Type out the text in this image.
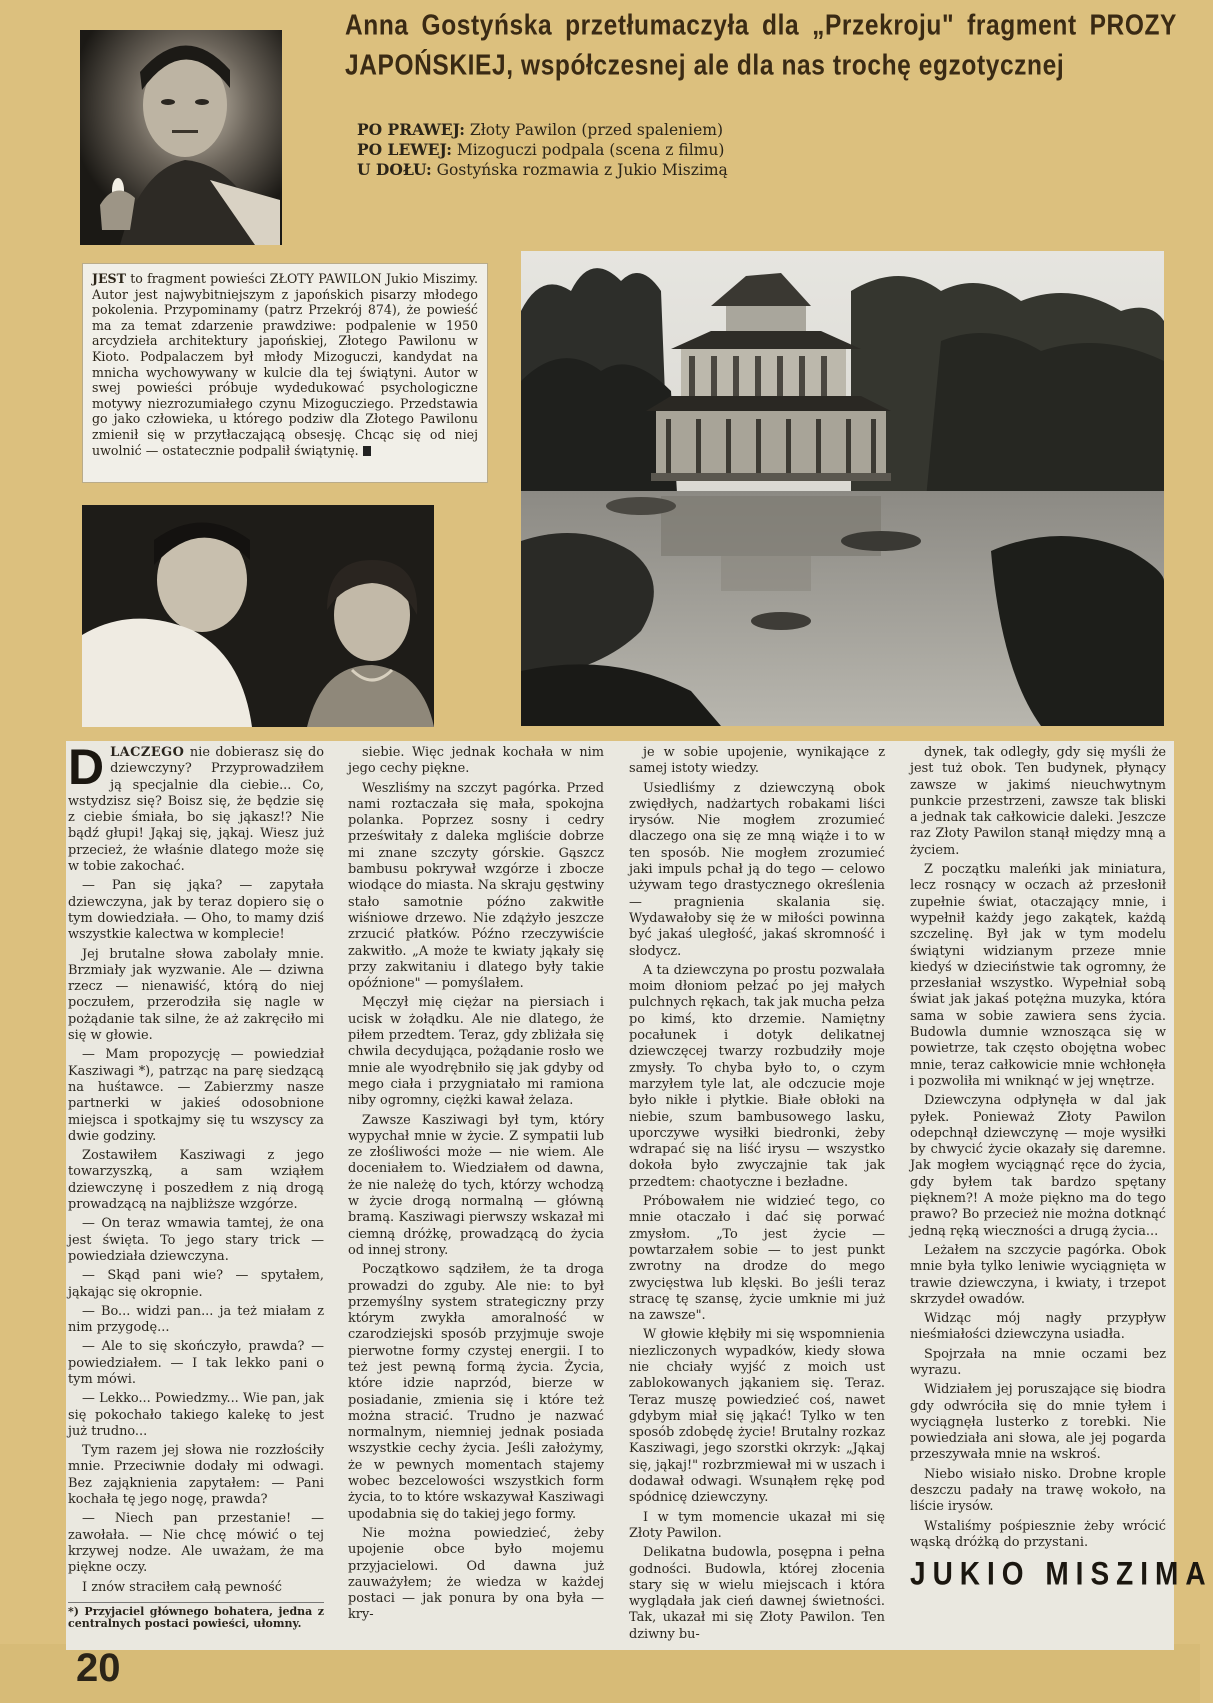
Anna Gostyńska przetłumaczyła dla „Przekroju" fragment PROZY JAPOŃSKIEJ, współczesnej ale dla nas trochę egzotycznej

PO PRAWEJ: Złoty Pawilon (przed spaleniem)

PO LEWEJ: Mizoguczi podpala (scena z filmu)

U DOŁU: Gostyńska rozmawia z Jukio Miszimą

JEST to fragment powieści ZŁOTY PAWILON Jukio Miszimy. Autor jest najwybitniejszym z japońskich pisarzy młodego pokolenia. Przypominamy (patrz Przekrój 874), że powieść ma za temat zdarzenie prawdziwe: podpalenie w 1950 arcydzieła architektury japońskiej, Złotego Pawilonu w Kioto. Podpalaczem był młody Mizoguczi, kandydat na mnicha wychowywany w kulcie dla tej świątyni. Autor w swej powieści próbuje wydedukować psychologiczne motywy niezrozumiałego czynu Mizogucziego. Przedstawia go jako człowieka, u którego podziw dla Złotego Pawilonu zmienił się w przytłaczającą obsesję. Chcąc się od niej uwolnić — ostatecznie podpalił świątynię.

DLACZEGO nie dobierasz się do dziewczyny? Przyprowadziłem ją specjalnie dla ciebie... Co, wstydzisz się? Boisz się, że będzie się z ciebie śmiała, bo się jąkasz!? Nie bądź głupi! Jąkaj się, jąkaj. Wiesz już przecież, że właśnie dlatego może się w tobie zakochać.

— Pan się jąka? — zapytała dziewczyna, jak by teraz dopiero się o tym dowiedziała. — Oho, to mamy dziś wszystkie kalectwa w komplecie!

Jej brutalne słowa zabolały mnie. Brzmiały jak wyzwanie. Ale — dziwna rzecz — nienawiść, którą do niej poczułem, przerodziła się nagle w pożądanie tak silne, że aż zakręciło mi się w głowie.

— Mam propozycję — powiedział Kasziwagi *), patrząc na parę siedzącą na huśtawce. — Zabierzmy nasze partnerki w jakieś odosobnione miejsca i spotkajmy się tu wszyscy za dwie godziny.

Zostawiłem Kasziwagi z jego towarzyszką, a sam wziąłem dziewczynę i poszedłem z nią drogą prowadzącą na najbliższe wzgórze.

— On teraz wmawia tamtej, że ona jest święta. To jego stary trick — powiedziała dziewczyna.

— Skąd pani wie? — spytałem, jąkając się okropnie.

— Bo... widzi pan... ja też miałam z nim przygodę...

— Ale to się skończyło, prawda? — powiedziałem. — I tak lekko pani o tym mówi.

— Lekko... Powiedzmy... Wie pan, jak się pokochało takiego kalekę to jest już trudno...

Tym razem jej słowa nie rozzłościły mnie. Przeciwnie dodały mi odwagi. Bez zająknienia zapytałem: — Pani kochała tę jego nogę, prawda?

— Niech pan przestanie! — zawołała. — Nie chcę mówić o tej krzywej nodze. Ale uważam, że ma piękne oczy.

I znów straciłem całą pewność

*) Przyjaciel głównego bohatera, jedna z centralnych postaci powieści, ułomny.

siebie. Więc jednak kochała w nim jego cechy piękne.

Weszliśmy na szczyt pagórka. Przed nami roztaczała się mała, spokojna polanka. Poprzez sosny i cedry prześwitały z daleka mgliście dobrze mi znane szczyty górskie. Gąszcz bambusu pokrywał wzgórze i zbocze wiodące do miasta. Na skraju gęstwiny stało samotnie późno zakwitłe wiśniowe drzewo. Nie zdążyło jeszcze zrzucić płatków. Późno rzeczywiście zakwitło. „A może te kwiaty jąkały się przy zakwitaniu i dlatego były takie opóźnione" — pomyślałem.

Męczył mię ciężar na piersiach i ucisk w żołądku. Ale nie dlatego, że piłem przedtem. Teraz, gdy zbliżała się chwila decydująca, pożądanie rosło we mnie ale wyodrębniło się jak gdyby od mego ciała i przygniatało mi ramiona niby ogromny, ciężki kawał żelaza.

Zawsze Kasziwagi był tym, który wypychał mnie w życie. Z sympatii lub ze złośliwości może — nie wiem. Ale doceniałem to. Wiedziałem od dawna, że nie należę do tych, którzy wchodzą w życie drogą normalną — główną bramą. Kasziwagi pierwszy wskazał mi ciemną dróżkę, prowadzącą do życia od innej strony.

Początkowo sądziłem, że ta droga prowadzi do zguby. Ale nie: to był przemyślny system strategiczny przy którym zwykła amoralność w czarodziejski sposób przyjmuje swoje pierwotne formy czystej energii. I to też jest pewną formą życia. Życia, które idzie naprzód, bierze w posiadanie, zmienia się i które też można stracić. Trudno je nazwać normalnym, niemniej jednak posiada wszystkie cechy życia. Jeśli założymy, że w pewnych momentach stajemy wobec bezcelowości wszystkich form życia, to to które wskazywał Kasziwagi upodabnia się do takiej jego formy.

Nie można powiedzieć, żeby upojenie obce było mojemu przyjacielowi. Od dawna już zauważyłem; że wiedza w każdej postaci — jak ponura by ona była — kry-

je w sobie upojenie, wynikające z samej istoty wiedzy.

Usiedliśmy z dziewczyną obok zwiędłych, nadżartych robakami liści irysów. Nie mogłem zrozumieć dlaczego ona się ze mną wiąże i to w ten sposób. Nie mogłem zrozumieć jaki impuls pchał ją do tego — celowo używam tego drastycznego określenia — pragnienia skalania się. Wydawałoby się że w miłości powinna być jakaś uległość, jakaś skromność i słodycz.

A ta dziewczyna po prostu pozwalała moim dłoniom pełzać po jej małych pulchnych rękach, tak jak mucha pełza po kimś, kto drzemie. Namiętny pocałunek i dotyk delikatnej dziewczęcej twarzy rozbudziły moje zmysły. To chyba było to, o czym marzyłem tyle lat, ale odczucie moje było nikłe i płytkie. Białe obłoki na niebie, szum bambusowego lasku, uporczywe wysiłki biedronki, żeby wdrapać się na liść irysu — wszystko dokoła było zwyczajnie tak jak przedtem: chaotyczne i bezładne.

Próbowałem nie widzieć tego, co mnie otaczało i dać się porwać zmysłom. „To jest życie — powtarzałem sobie — to jest punkt zwrotny na drodze do mego zwycięstwa lub klęski. Bo jeśli teraz stracę tę szansę, życie umknie mi już na zawsze".

W głowie kłębiły mi się wspomnienia niezliczonych wypadków, kiedy słowa nie chciały wyjść z moich ust zablokowanych jąkaniem się. Teraz. Teraz muszę powiedzieć coś, nawet gdybym miał się jąkać! Tylko w ten sposób zdobędę życie! Brutalny rozkaz Kasziwagi, jego szorstki okrzyk: „Jąkaj się, jąkaj!" rozbrzmiewał mi w uszach i dodawał odwagi. Wsunąłem rękę pod spódnicę dziewczyny.

I w tym momencie ukazał mi się Złoty Pawilon.

Delikatna budowla, posępna i pełna godności. Budowla, której złocenia stary się w wielu miejscach i która wyglądała jak cień dawnej świetności. Tak, ukazał mi się Złoty Pawilon. Ten dziwny bu-

dynek, tak odległy, gdy się myśli że jest tuż obok. Ten budynek, płynący zawsze w jakimś nieuchwytnym punkcie przestrzeni, zawsze tak bliski a jednak tak całkowicie daleki. Jeszcze raz Złoty Pawilon stanął między mną a życiem.

Z początku maleńki jak miniatura, lecz rosnący w oczach aż przesłonił zupełnie świat, otaczający mnie, i wypełnił każdy jego zakątek, każdą szczelinę. Był jak w tym modelu świątyni widzianym przeze mnie kiedyś w dzieciństwie tak ogromny, że przesłaniał wszystko. Wypełniał sobą świat jak jakaś potężna muzyka, która sama w sobie zawiera sens życia. Budowla dumnie wznosząca się w powietrze, tak często obojętna wobec mnie, teraz całkowicie mnie wchłonęła i pozwoliła mi wniknąć w jej wnętrze.

Dziewczyna odpłynęła w dal jak pyłek. Ponieważ Złoty Pawilon odepchnął dziewczynę — moje wysiłki by chwycić życie okazały się daremne. Jak mogłem wyciągnąć ręce do życia, gdy byłem tak bardzo spętany pięknem?! A może piękno ma do tego prawo? Bo przecież nie można dotknąć jedną ręką wieczności a drugą życia...

Leżałem na szczycie pagórka. Obok mnie była tylko leniwie wyciągnięta w trawie dziewczyna, i kwiaty, i trzepot skrzydeł owadów.

Widząc mój nagły przypływ nieśmiałości dziewczyna usiadła.

Spojrzała na mnie oczami bez wyrazu.

Widziałem jej poruszające się biodra gdy odwróciła się do mnie tyłem i wyciągnęła lusterko z torebki. Nie powiedziała ani słowa, ale jej pogarda przeszywała mnie na wskroś.

Niebo wisiało nisko. Drobne krople deszczu padały na trawę wokoło, na liście irysów.

Wstaliśmy pośpiesznie żeby wrócić wąską dróżką do przystani.

JUKIO MISZIMA
20
